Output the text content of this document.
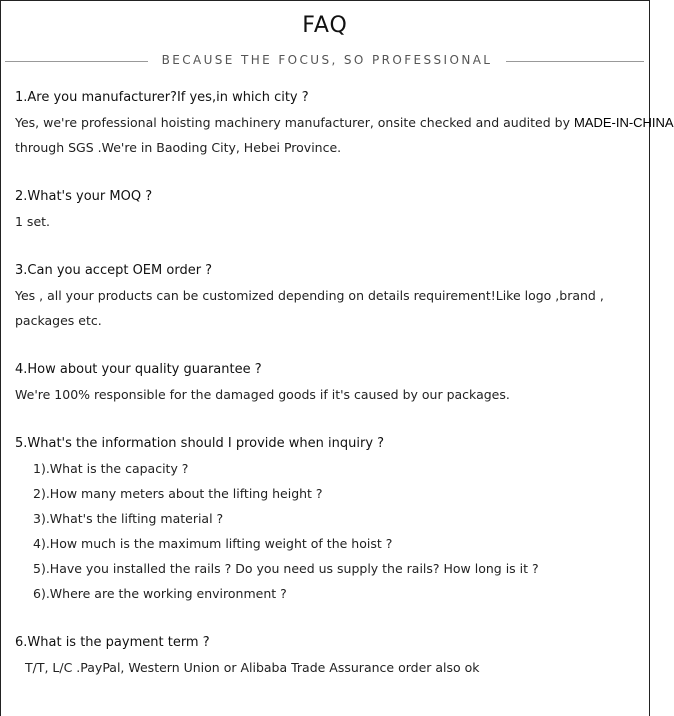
FAQ
BECAUSE THE FOCUS, SO PROFESSIONAL
1.Are you manufacturer?If yes,in which city ?
Yes, we're professional hoisting machinery manufacturer, onsite checked and audited by MADE-IN-CHINA
through SGS .We're in Baoding City, Hebei Province.
2.What's your MOQ ?
1 set.
3.Can you accept OEM order ?
Yes , all your products can be customized depending on details requirement!Like logo ,brand ,
packages etc.
4.How about your quality guarantee ?
We're 100% responsible for the damaged goods if it's caused by our packages.
5.What's the information should I provide when inquiry ?
1).What is the capacity ?
2).How many meters about the lifting height ?
3).What's the lifting material ?
4).How much is the maximum lifting weight of the hoist ?
5).Have you installed the rails ? Do you need us supply the rails? How long is it ?
6).Where are the working environment ?
6.What is the payment term ?
T/T, L/C .PayPal, Western Union or Alibaba Trade Assurance order also ok
